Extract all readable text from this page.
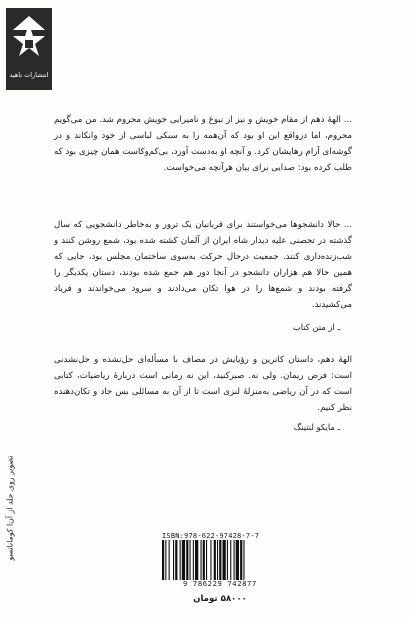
انتشارات ناهید

... الههٔ دهم از مقام خویش و نیز از نبوغ و ناميرايى خويش محروم شد. من مى‌گويم محروم، اما درواقع اين او بود كه آن‌همه را به سبكى لباسى از خود وانكاند و در گوشه‌اى آرام رهايشان كرد. و آنچه او به‌دست آورد، بى‌كم‌وكاست همان چيزى بود كه طلب كرده بود: صدايى براى بيان هرآنچه مى‌خواست.

... حالا دانشجوها مى‌خواستند براى قربانيان يک ترور و به‌خاطر دانشجويى كه سال گذشته در تحصنى عليه ديدار شاه ايران از آلمان كشته شده بود، شمع روشن كنند و شب‌زنده‌دارى كنند. جمعيت درحال حركت به‌سوى ساختمان مجلس بود، جايى كه همين حالا هم هزاران دانشجو در آنجا دور هم جمع شده بودند، دستان يكديگر را گرفته بودند و شمع‌ها را در هوا تكان مى‌دادند و سرود مى‌خواندند و فرياد مى‌كشيدند.

ـ از متن كتاب

الههٔ دهم، داستان كاترين و رؤيايش در مصاف با مسأله‌اى حل‌نشده و حل‌نشدنى است: فرض ريمان. ولى نه. صبركنيد، اين نه رمانى است دربارهٔ رياضيات، كتابى است كه در آن رياضى به‌منزلهٔ لنزى است تا از آن به مسائلى بس حاد و تكان‌دهنده نظر كنيم.

ـ مايكو لنتينگ
تصوير روى جلد از آن‌ا كوماناتسو	ISBN:978-622-97428-7-7
9 786229 742877
۵۸۰۰۰ تومان
